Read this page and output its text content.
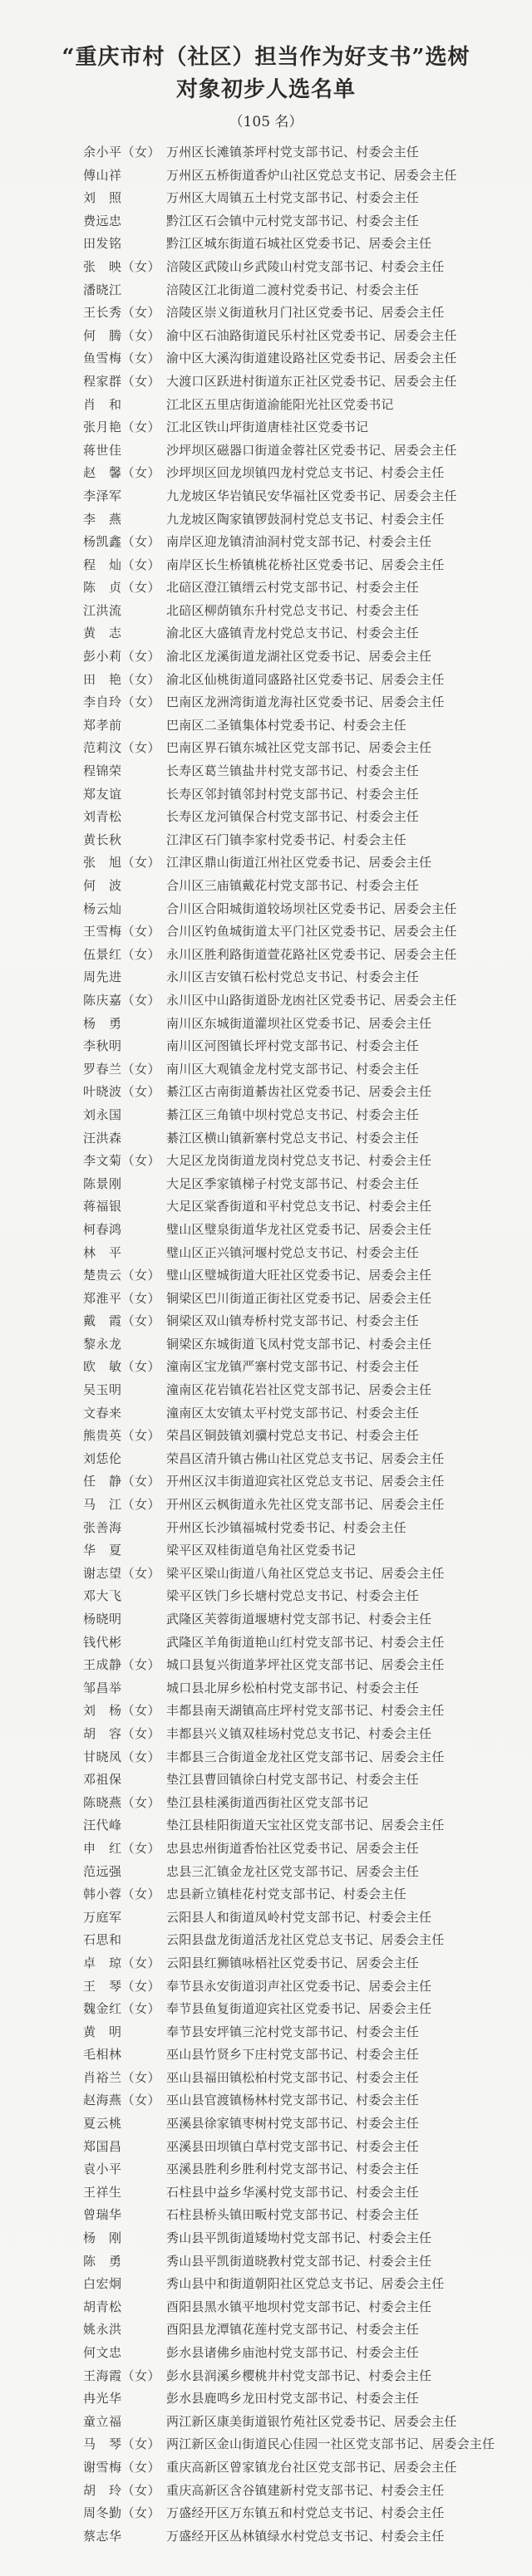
“重庆市村（社区）担当作为好支书”选树
对象初步人选名单
（105 名）
余小平（女） 万州区长滩镇茶坪村党支部书记、村委会主任
傅山祥	万州区五桥街道香炉山社区党总支书记、居委会主任
刘　照	万州区大周镇五土村党支部书记、村委会主任
费远忠	黔江区石会镇中元村党支部书记、村委会主任
田发铭	黔江区城东街道石城社区党委书记、居委会主任
张　映（女） 涪陵区武陵山乡武陵山村党支部书记、村委会主任
潘晓江	涪陵区江北街道二渡村党委书记、村委会主任
王长秀（女） 涪陵区崇义街道秋月门社区党委书记、居委会主任
何　腾（女） 渝中区石油路街道民乐村社区党委书记、居委会主任
鱼雪梅（女） 渝中区大溪沟街道建设路社区党委书记、居委会主任
程家群（女） 大渡口区跃进村街道东正社区党委书记、居委会主任
肖　和	江北区五里店街道渝能阳光社区党委书记
张月艳（女） 江北区铁山坪街道唐桂社区党委书记
蒋世佳	沙坪坝区磁器口街道金蓉社区党委书记、居委会主任
赵　馨（女） 沙坪坝区回龙坝镇四龙村党总支书记、村委会主任
李泽军	九龙坡区华岩镇民安华福社区党委书记、居委会主任
李　燕	九龙坡区陶家镇锣鼓洞村党总支书记、村委会主任
杨凯鑫（女） 南岸区迎龙镇清油洞村党支部书记、村委会主任
程　灿（女） 南岸区长生桥镇桃花桥社区党委书记、居委会主任
陈　贞（女） 北碚区澄江镇缙云村党支部书记、村委会主任
江洪流	北碚区柳荫镇东升村党总支书记、村委会主任
黄　志	渝北区大盛镇青龙村党总支书记、村委会主任
彭小莉（女） 渝北区龙溪街道龙湖社区党委书记、居委会主任
田　艳（女） 渝北区仙桃街道同盛路社区党委书记、居委会主任
李自玲（女） 巴南区龙洲湾街道龙海社区党委书记、居委会主任
郑孝前	巴南区二圣镇集体村党委书记、村委会主任
范莉汶（女） 巴南区界石镇东城社区党支部书记、居委会主任
程锦荣	长寿区葛兰镇盐井村党支部书记、村委会主任
郑友谊	长寿区邻封镇邻封村党支部书记、村委会主任
刘青松	长寿区龙河镇保合村党支部书记、村委会主任
黄长秋	江津区石门镇李家村党委书记、村委会主任
张　旭（女） 江津区鼎山街道江州社区党委书记、居委会主任
何　波	合川区三庙镇戴花村党支部书记、村委会主任
杨云灿	合川区合阳城街道较场坝社区党委书记、居委会主任
王雪梅（女） 合川区钓鱼城街道太平门社区党委书记、居委会主任
伍景红（女） 永川区胜利路街道萱花路社区党委书记、居委会主任
周先进	永川区吉安镇石松村党总支书记、村委会主任
陈庆嘉（女） 永川区中山路街道卧龙凼社区党委书记、居委会主任
杨　勇	南川区东城街道灌坝社区党委书记、居委会主任
李秋明	南川区河图镇长坪村党支部书记、村委会主任
罗春兰（女） 南川区大观镇金龙村党支部书记、村委会主任
叶晓波（女） 綦江区古南街道綦齿社区党委书记、居委会主任
刘永国	綦江区三角镇中坝村党总支书记、村委会主任
汪洪森	綦江区横山镇新寨村党总支书记、村委会主任
李文菊（女） 大足区龙岗街道龙岗村党总支书记、村委会主任
陈景刚	大足区季家镇梯子村党支部书记、村委会主任
蒋福银	大足区棠香街道和平村党总支书记、村委会主任
柯春鸿	璧山区璧泉街道华龙社区党委书记、居委会主任
林　平	璧山区正兴镇河堰村党总支书记、村委会主任
楚贵云（女） 璧山区璧城街道大旺社区党委书记、居委会主任
郑淮平（女） 铜梁区巴川街道正街社区党委书记、居委会主任
戴　霞（女） 铜梁区双山镇寿桥村党支部书记、村委会主任
黎永龙	铜梁区东城街道飞凤村党支部书记、村委会主任
欧　敏（女） 潼南区宝龙镇严寨村党支部书记、村委会主任
吴玉明	潼南区花岩镇花岩社区党支部书记、居委会主任
文春来	潼南区太安镇太平村党支部书记、村委会主任
熊贵英（女） 荣昌区铜鼓镇刘骥村党总支书记、村委会主任
刘恁伦	荣昌区清升镇古佛山社区党总支书记、居委会主任
任　静（女） 开州区汉丰街道迎宾社区党总支书记、居委会主任
马　江（女） 开州区云枫街道永先社区党支部书记、居委会主任
张善海	开州区长沙镇福城村党委书记、村委会主任
华　夏	梁平区双桂街道皂角社区党委书记
谢志望（女） 梁平区梁山街道八角社区党总支书记、居委会主任
邓大飞	梁平区铁门乡长塘村党总支书记、村委会主任
杨晓明	武隆区芙蓉街道堰塘村党支部书记、村委会主任
钱代彬	武隆区羊角街道艳山红村党支部书记、村委会主任
王成静（女） 城口县复兴街道茅坪社区党支部书记、居委会主任
邹昌举	城口县北屏乡松柏村党支部书记、村委会主任
刘　杨（女） 丰都县南天湖镇高庄坪村党支部书记、村委会主任
胡　容（女） 丰都县兴义镇双桂场村党总支书记、村委会主任
甘晓凤（女） 丰都县三合街道金龙社区党支部书记、居委会主任
邓祖保	垫江县曹回镇徐白村党支部书记、村委会主任
陈晓燕（女） 垫江县桂溪街道西街社区党支部书记
汪代峰	垫江县桂阳街道天宝社区党支部书记、居委会主任
申　红（女） 忠县忠州街道香怡社区党委书记、居委会主任
范远强	忠县三汇镇金龙社区党支部书记、居委会主任
韩小蓉（女） 忠县新立镇桂花村党支部书记、村委会主任
万庭军	云阳县人和街道凤岭村党支部书记、村委会主任
石思和	云阳县盘龙街道活龙社区党总支书记、居委会主任
卓　琼（女） 云阳县红狮镇咏梧社区党委书记、居委会主任
王　琴（女） 奉节县永安街道羽声社区党委书记、居委会主任
魏金红（女） 奉节县鱼复街道迎宾社区党委书记、居委会主任
黄　明	奉节县安坪镇三沱村党支部书记、村委会主任
毛相林	巫山县竹贤乡下庄村党支部书记、村委会主任
肖裕兰（女） 巫山县福田镇松柏村党支部书记、村委会主任
赵海燕（女） 巫山县官渡镇杨林村党支部书记、村委会主任
夏云桃	巫溪县徐家镇枣树村党支部书记、村委会主任
郑国昌	巫溪县田坝镇白草村党支部书记、村委会主任
袁小平	巫溪县胜利乡胜利村党支部书记、村委会主任
王祥生	石柱县中益乡华溪村党支部书记、村委会主任
曾瑞华	石柱县桥头镇田畈村党支部书记、村委会主任
杨　刚	秀山县平凯街道矮坳村党支部书记、村委会主任
陈　勇	秀山县平凯街道晓教村党支部书记、村委会主任
白宏炯	秀山县中和街道朝阳社区党总支书记、居委会主任
胡青松	酉阳县黑水镇平地坝村党支部书记、村委会主任
姚永洪	酉阳县龙潭镇花莲村党支部书记、村委会主任
何文忠	彭水县诸佛乡庙池村党支部书记、村委会主任
王海霞（女） 彭水县润溪乡樱桃井村党支部书记、村委会主任
冉光华	彭水县鹿鸣乡龙田村党支部书记、村委会主任
童立福	两江新区康美街道银竹苑社区党委书记、居委会主任
马　琴（女） 两江新区金山街道民心佳园一社区党支部书记、居委会主任
谢雪梅（女） 重庆高新区曾家镇龙台社区党支部书记、居委会主任
胡　玲（女） 重庆高新区含谷镇建新村党支部书记、村委会主任
周冬勤（女） 万盛经开区万东镇五和村党总支书记、村委会主任
蔡志华	万盛经开区丛林镇绿水村党总支书记、村委会主任
